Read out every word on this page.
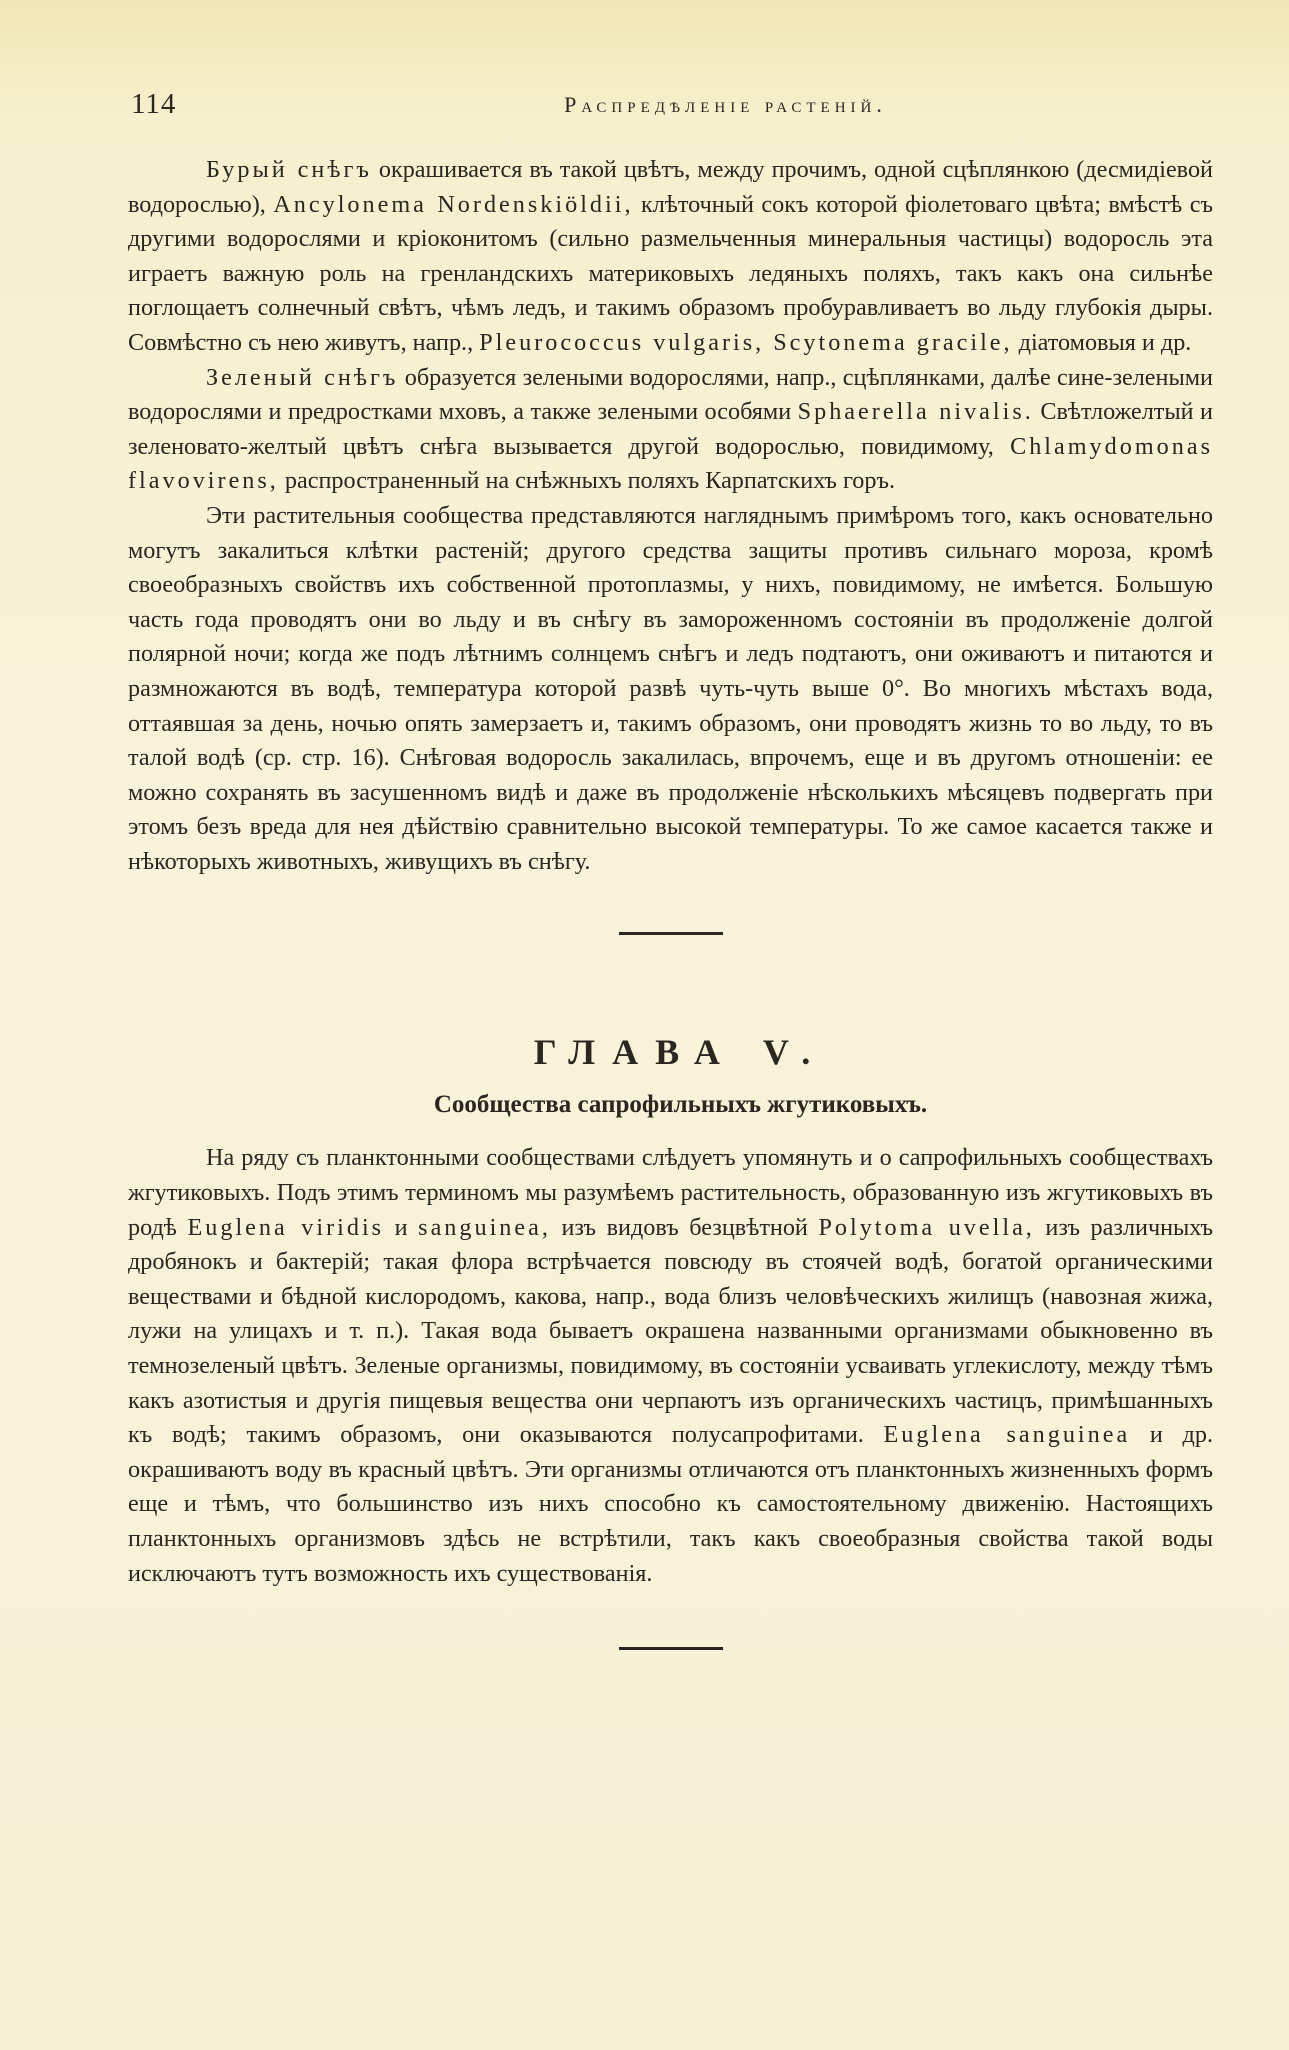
114	Распредѣленіе растеній.

Бурый снѣгъ окрашивается въ такой цвѣтъ, между прочимъ, одной сцѣплянкою (десмидіевой водорослью), Ancylonema Nordenskiöldii, клѣточный сокъ которой фіолетоваго цвѣта; вмѣстѣ съ другими водорослями и кріоконитомъ (сильно размельченныя минеральныя частицы) водоросль эта играетъ важную роль на гренландскихъ материковыхъ ледяныхъ поляхъ, такъ какъ она сильнѣе поглощаетъ солнечный свѣтъ, чѣмъ ледъ, и такимъ образомъ пробуравливаетъ во льду глубокія дыры. Совмѣстно съ нею живутъ, напр., Pleurococcus vulgaris, Scytonema gracile, діатомовыя и др.

Зеленый снѣгъ образуется зелеными водорослями, напр., сцѣплянками, далѣе сине-зелеными водорослями и предростками мховъ, а также зелеными особями Sphaerella nivalis. Свѣтложелтый и зеленовато-желтый цвѣтъ снѣга вызывается другой водорослью, повидимому, Chlamydomonas flavovirens, распространенный на снѣжныхъ поляхъ Карпатскихъ горъ.

Эти растительныя сообщества представляются нагляднымъ примѣромъ того, какъ основательно могутъ закалиться клѣтки растеній; другого средства защиты противъ сильнаго мороза, кромѣ своеобразныхъ свойствъ ихъ собственной протоплазмы, у нихъ, повидимому, не имѣется. Большую часть года проводятъ они во льду и въ снѣгу въ замороженномъ состояніи въ продолженіе долгой полярной ночи; когда же подъ лѣтнимъ солнцемъ снѣгъ и ледъ подтаютъ, они оживаютъ и питаются и размножаются въ водѣ, температура которой развѣ чуть-чуть выше 0°. Во многихъ мѣстахъ вода, оттаявшая за день, ночью опять замерзаетъ и, такимъ образомъ, они проводятъ жизнь то во льду, то въ талой водѣ (ср. стр. 16). Снѣговая водоросль закалилась, впрочемъ, еще и въ другомъ отношеніи: ее можно сохранять въ засушенномъ видѣ и даже въ продолженіе нѣсколькихъ мѣсяцевъ подвергать при этомъ безъ вреда для нея дѣйствію сравнительно высокой температуры. То же самое касается также и нѣкоторыхъ животныхъ, живущихъ въ снѣгу.

ГЛАВА V.
Сообщества сапрофильныхъ жгутиковыхъ.

На ряду съ планктонными сообществами слѣдуетъ упомянуть и о сапрофильныхъ сообществахъ жгутиковыхъ. Подъ этимъ терминомъ мы разумѣемъ растительность, образованную изъ жгутиковыхъ въ родѣ Euglena viridis и sanguinea, изъ видовъ безцвѣтной Polytoma uvella, изъ различныхъ дробянокъ и бактерій; такая флора встрѣчается повсюду въ стоячей водѣ, богатой органическими веществами и бѣдной кислородомъ, какова, напр., вода близъ человѣческихъ жилищъ (навозная жижа, лужи на улицахъ и т. п.). Такая вода бываетъ окрашена названными организмами обыкновенно въ темнозеленый цвѣтъ. Зеленые организмы, повидимому, въ состояніи усваивать углекислоту, между тѣмъ какъ азотистыя и другія пищевыя вещества они черпаютъ изъ органическихъ частицъ, примѣшанныхъ къ водѣ; такимъ образомъ, они оказываются полусапрофитами. Euglena sanguinea и др. окрашиваютъ воду въ красный цвѣтъ. Эти организмы отличаются отъ планктонныхъ жизненныхъ формъ еще и тѣмъ, что большинство изъ нихъ способно къ самостоятельному движенію. Настоящихъ планктонныхъ организмовъ здѣсь не встрѣтили, такъ какъ своеобразныя свойства такой воды исключаютъ тутъ возможность ихъ существованія.
